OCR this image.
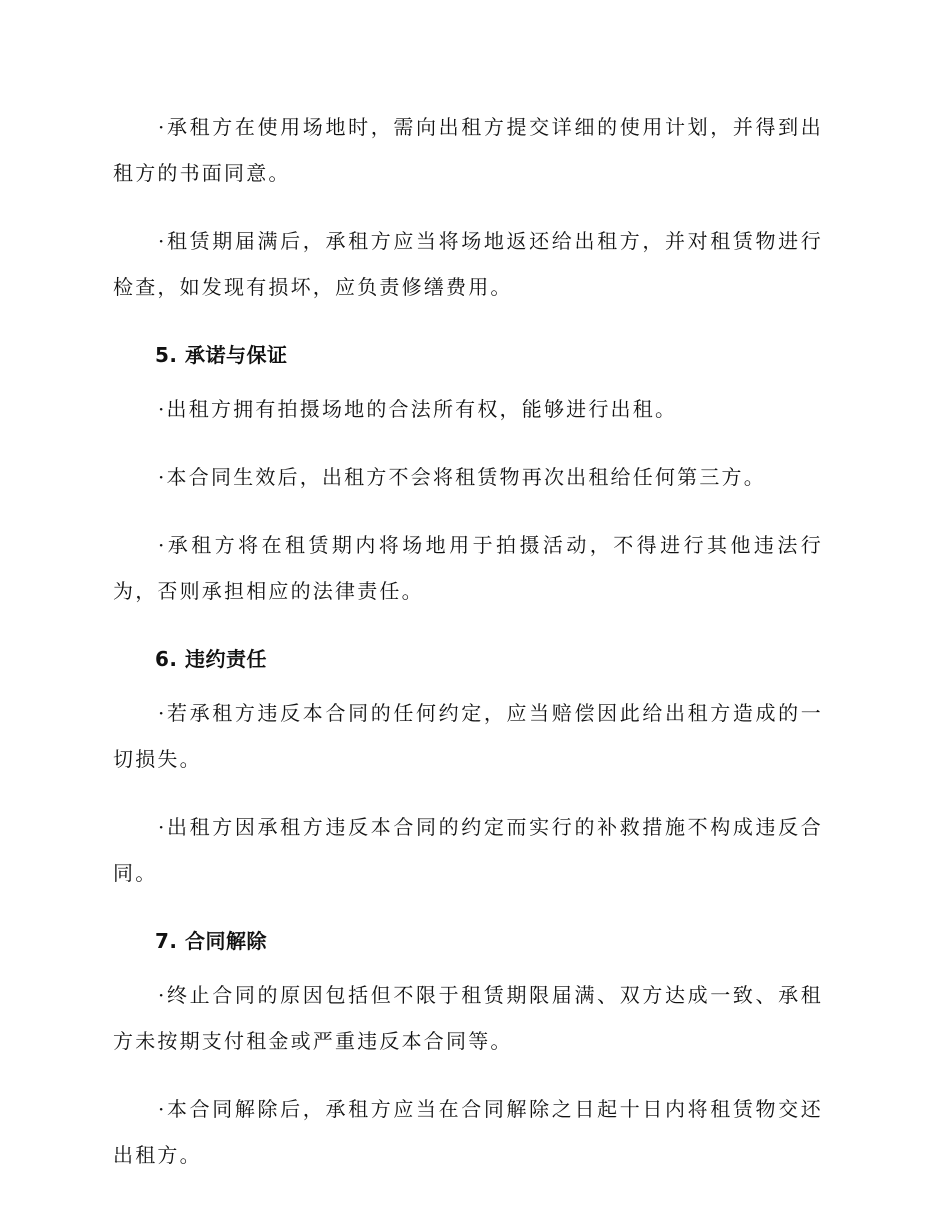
·承租方在使用场地时，需向出租方提交详细的使用计划，并得到出租方的书面同意。

·租赁期届满后，承租方应当将场地返还给出租方，并对租赁物进行检查，如发现有损坏，应负责修缮费用。

5. 承诺与保证

·出租方拥有拍摄场地的合法所有权，能够进行出租。

·本合同生效后，出租方不会将租赁物再次出租给任何第三方。

·承租方将在租赁期内将场地用于拍摄活动，不得进行其他违法行为，否则承担相应的法律责任。

6. 违约责任

·若承租方违反本合同的任何约定，应当赔偿因此给出租方造成的一切损失。

·出租方因承租方违反本合同的约定而实行的补救措施不构成违反合同。

7. 合同解除

·终止合同的原因包括但不限于租赁期限届满、双方达成一致、承租方未按期支付租金或严重违反本合同等。

·本合同解除后，承租方应当在合同解除之日起十日内将租赁物交还出租方。
